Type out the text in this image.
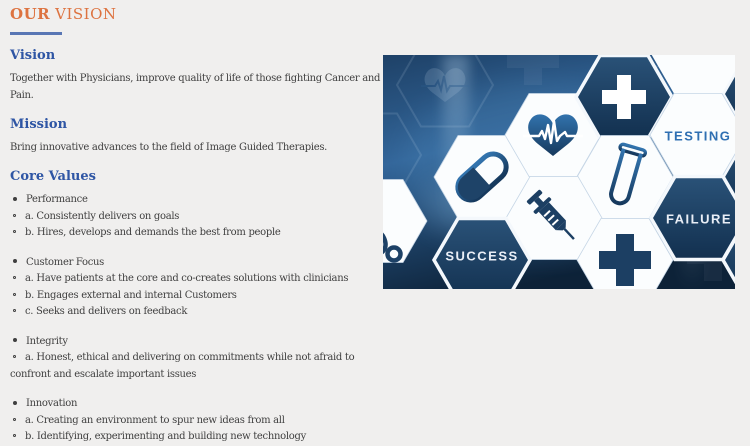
OUR VISION
Vision

Together with Physicians, improve quality of life of those fighting Cancer and Pain.

Mission

Bring innovative advances to the field of Image Guided Therapies.

Core Values
Performance
a. Consistently delivers on goals
b. Hires, develops and demands the best from people
Customer Focus
a. Have patients at the core and co-creates solutions with clinicians
b. Engages external and internal Customers
c. Seeks and delivers on feedback
Integrity
a. Honest, ethical and delivering on commitments while not afraid to confront and escalate important issues
Innovation
a. Creating an environment to spur new ideas from all
b. Identifying, experimenting and building new technology
TESTING
FAILURE
SUCCESS
